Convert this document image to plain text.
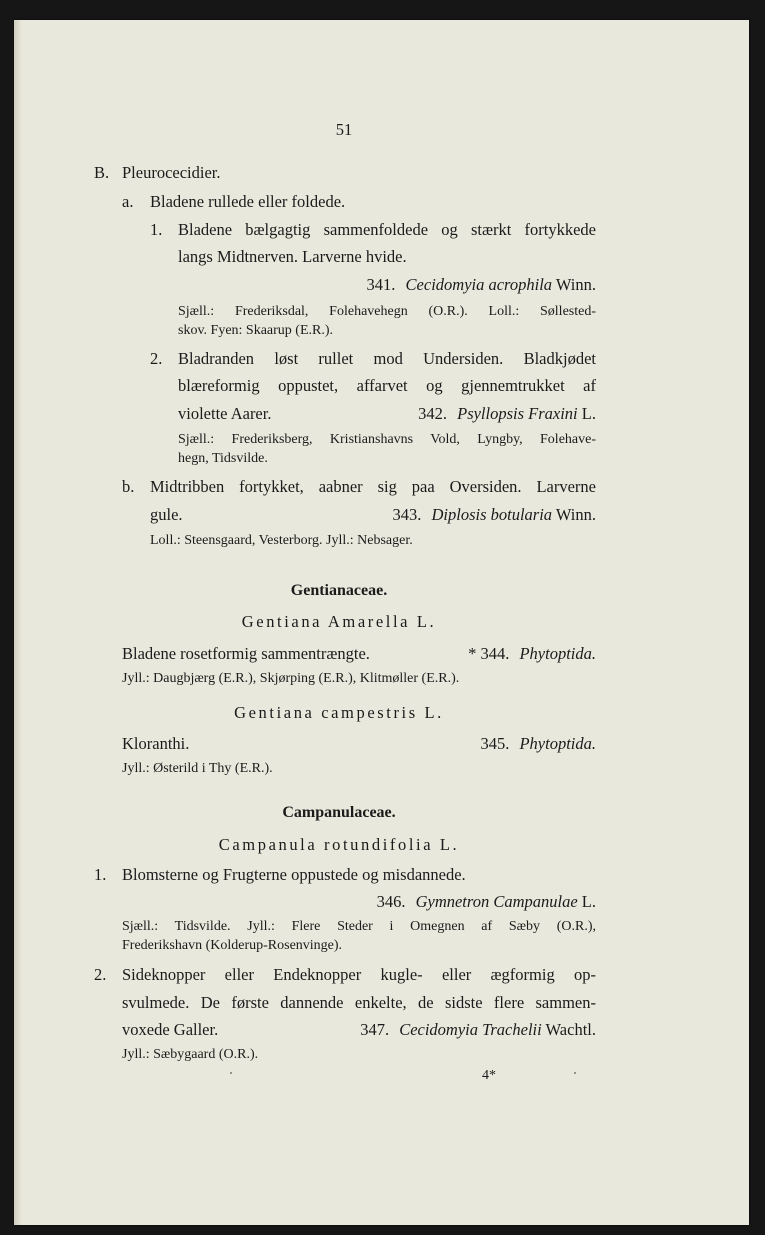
51
B. Pleurocecidier.
a. Bladene rullede eller foldede.
1. Bladene bælgagtig sammenfoldede og stærkt fortykkede
langs Midtnerven. Larverne hvide.
341. Cecidomyia acrophila Winn.
Sjæll.: Frederiksdal, Folehavehegn (O.R.). Loll.: Søllested-
skov. Fyen: Skaarup (E.R.).
2. Bladranden løst rullet mod Undersiden. Bladkjødet
blæreformig oppustet, affarvet og gjennemtrukket af
violette Aarer.	342. Psyllopsis Fraxini L.
Sjæll.: Frederiksberg, Kristianshavns Vold, Lyngby, Folehave-
hegn, Tidsvilde.
b. Midtribben fortykket, aabner sig paa Oversiden. Larverne
gule.	343. Diplosis botularia Winn.
Loll.: Steensgaard, Vesterborg. Jyll.: Nebsager.
Gentianaceae.
Gentiana Amarella L.
Bladene rosetformig sammentrængte.	* 344. Phytoptida.
Jyll.: Daugbjærg (E.R.), Skjørping (E.R.), Klitmøller (E.R.).
Gentiana campestris L.
Kloranthi.	345. Phytoptida.
Jyll.: Østerild i Thy (E.R.).
Campanulaceae.
Campanula rotundifolia L.
1. Blomsterne og Frugterne oppustede og misdannede.
346. Gymnetron Campanulae L.
Sjæll.: Tidsvilde. Jyll.: Flere Steder i Omegnen af Sæby (O.R.),
Frederikshavn (Kolderup-Rosenvinge).
2. Sideknopper eller Endeknopper kugle- eller ægformig op-
svulmede. De første dannende enkelte, de sidste flere sammen-
voxede Galler.	347. Cecidomyia Trachelii Wachtl.
Jyll.: Sæbygaard (O.R.).
4*
